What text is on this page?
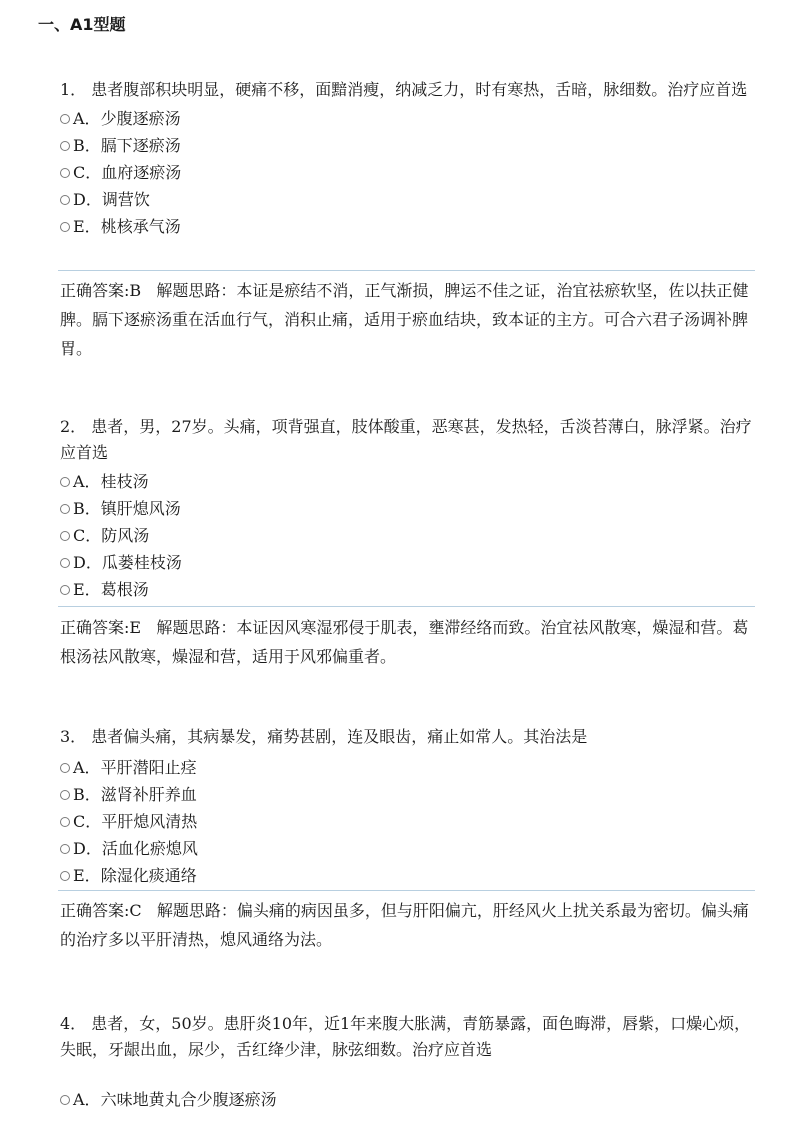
一、A1型题

1． 患者腹部积块明显，硬痛不移，面黯消瘦，纳减乏力，时有寒热，舌暗，脉细数。治疗应首选

A． 少腹逐瘀汤
B． 膈下逐瘀汤
C． 血府逐瘀汤
D． 调营饮
E． 桃核承气汤

正确答案:B 解题思路：本证是瘀结不消，正气渐损，脾运不佳之证，治宜祛瘀软坚，佐以扶正健脾。膈下逐瘀汤重在活血行气，消积止痛，适用于瘀血结块，致本证的主方。可合六君子汤调补脾胃。

2． 患者，男，27岁。头痛，项背强直，肢体酸重，恶寒甚，发热轻，舌淡苔薄白，脉浮紧。治疗应首选

A． 桂枝汤
B． 镇肝熄风汤
C． 防风汤
D． 瓜蒌桂枝汤
E． 葛根汤

正确答案:E 解题思路：本证因风寒湿邪侵于肌表，壅滞经络而致。治宜祛风散寒，燥湿和营。葛根汤祛风散寒，燥湿和营，适用于风邪偏重者。

3． 患者偏头痛，其病暴发，痛势甚剧，连及眼齿，痛止如常人。其治法是

A． 平肝潜阳止痉
B． 滋肾补肝养血
C． 平肝熄风清热
D． 活血化瘀熄风
E． 除湿化痰通络

正确答案:C 解题思路：偏头痛的病因虽多，但与肝阳偏亢，肝经风火上扰关系最为密切。偏头痛的治疗多以平肝清热，熄风通络为法。

4． 患者，女，50岁。患肝炎10年，近1年来腹大胀满，青筋暴露，面色晦滞，唇紫，口燥心烦，失眠，牙龈出血，尿少，舌红绛少津，脉弦细数。治疗应首选

A． 六味地黄丸合少腹逐瘀汤
